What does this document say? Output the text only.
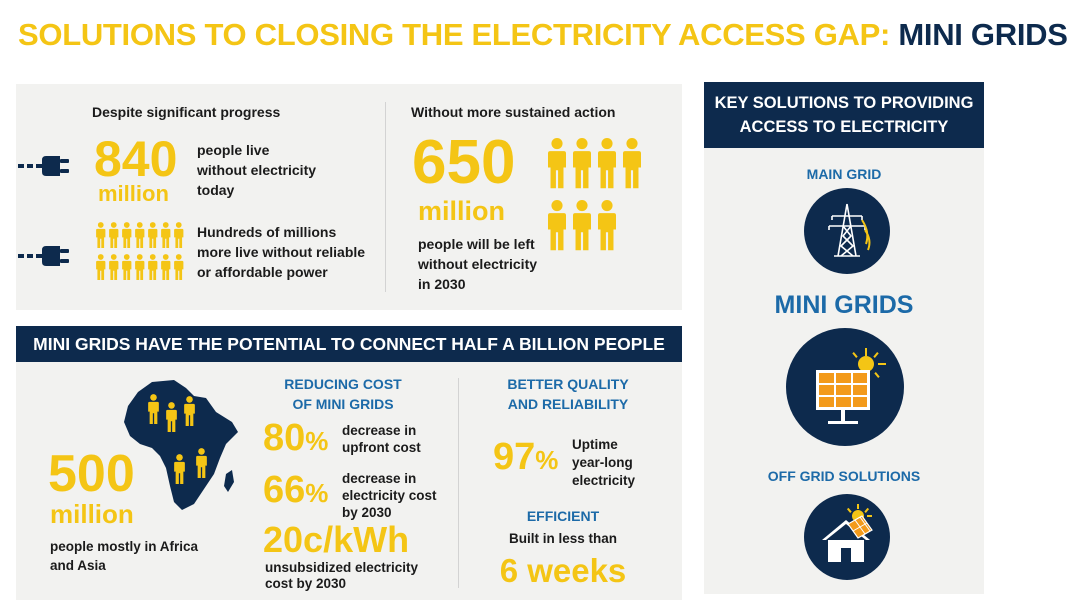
SOLUTIONS TO CLOSING THE ELECTRICITY ACCESS GAP: MINI GRIDS
MINI GRIDS HAVE THE POTENTIAL TO CONNECT HALF A BILLION PEOPLE
KEY SOLUTIONS TO PROVIDING
ACCESS TO ELECTRICITY
Despite significant progress
840
million
people live
without electricity
today
Hundreds of millions
more live without reliable
or affordable power
Without more sustained action
650
million
people will be left
without electricity
in 2030
500
million
people mostly in Africa
and Asia
REDUCING COST
OF MINI GRIDS
80% decrease in
upfront cost
66% decrease in
electricity cost
by 2030
20c/kWh
unsubsidized electricity
cost by 2030
BETTER QUALITY
AND RELIABILITY
97%
Uptime
year-long
electricity
EFFICIENT
Built in less than
6 weeks
MAIN GRID
MINI GRIDS
OFF GRID SOLUTIONS
